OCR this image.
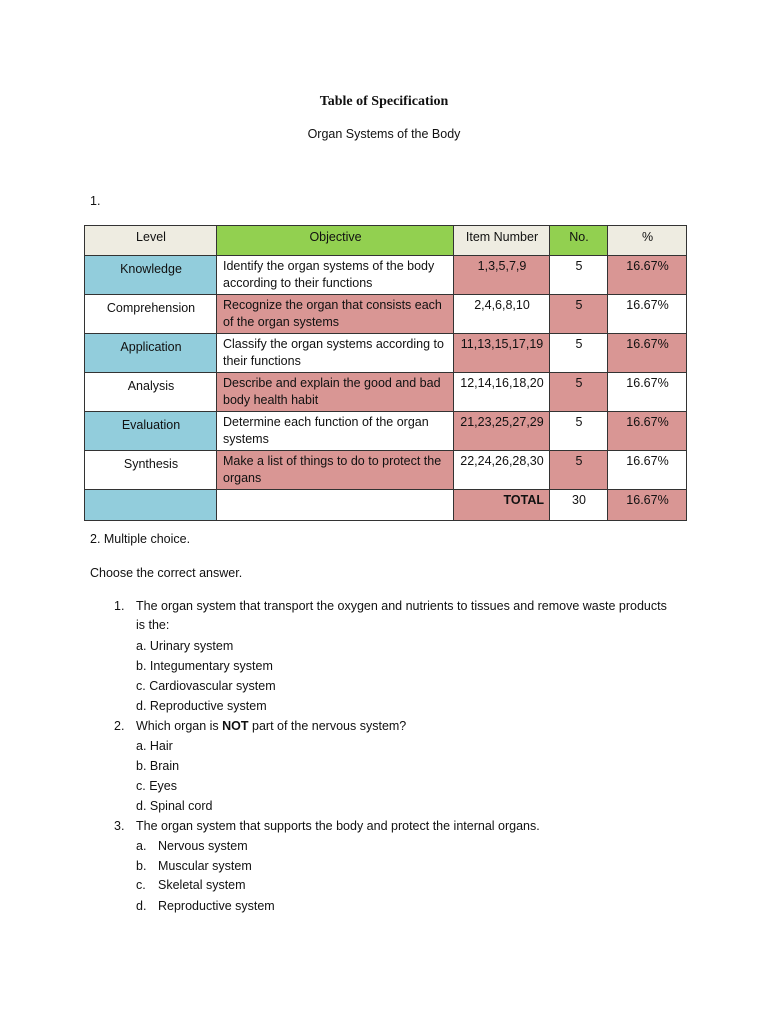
Table of Specification
Organ Systems of the Body
1.
Level	Objective	Item Number	No.	%
Knowledge	Identify the organ systems of the body according to their functions	1,3,5,7,9	5	16.67%
Comprehension	Recognize the organ that consists each of the organ systems	2,4,6,8,10	5	16.67%
Application	Classify the organ systems according to their functions	11,13,15,17,19	5	16.67%
Analysis	Describe and explain the good and bad body health habit	12,14,16,18,20	5	16.67%
Evaluation	Determine each function of the organ systems	21,23,25,27,29	5	16.67%
Synthesis	Make a list of things to do to protect the organs	22,24,26,28,30	5	16.67%
		TOTAL	30	16.67%
2. Multiple choice.
Choose the correct answer.
1. The organ system that transport the oxygen and nutrients to tissues and remove waste products
is the:
a. Urinary system
b. Integumentary system
c. Cardiovascular system
d. Reproductive system
2. Which organ is NOT part of the nervous system?
a. Hair
b. Brain
c. Eyes
d. Spinal cord
3. The organ system that supports the body and protect the internal organs.
a. Nervous system
b. Muscular system
c. Skeletal system
d. Reproductive system
